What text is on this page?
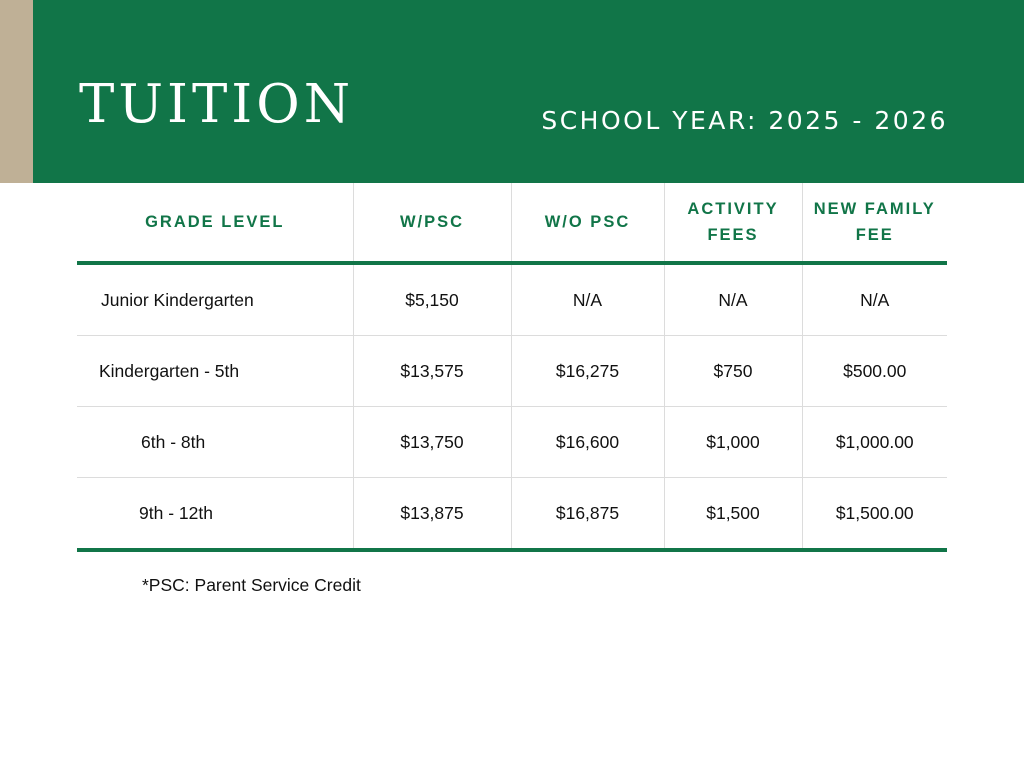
TUITION	SCHOOL YEAR: 2025 - 2026
GRADE LEVEL	W/PSC	W/O PSC	ACTIVITY FEES	NEW FAMILY FEE
Junior Kindergarten	$5,150	N/A	N/A	N/A
Kindergarten - 5th	$13,575	$16,275	$750	$500.00
6th - 8th	$13,750	$16,600	$1,000	$1,000.00
9th - 12th	$13,875	$16,875	$1,500	$1,500.00
*PSC: Parent Service Credit
